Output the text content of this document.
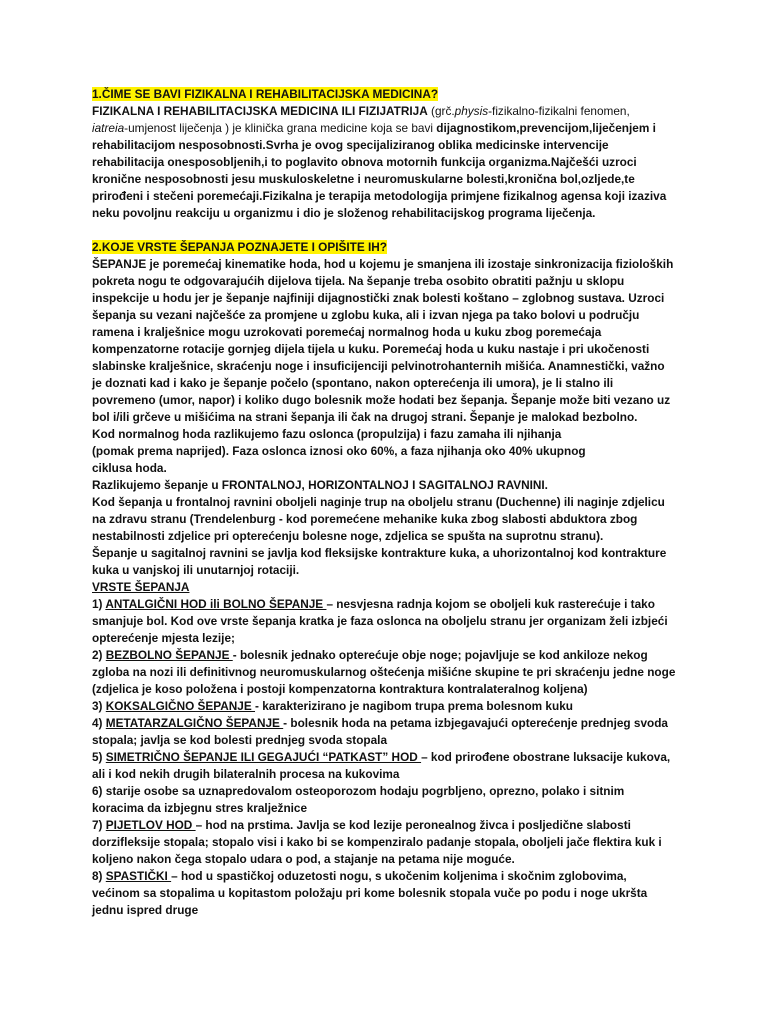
1.ČIME SE BAVI FIZIKALNA I REHABILITACIJSKA MEDICINA?

FIZIKALNA I REHABILITACIJSKA MEDICINA ILI FIZIJATRIJA (grč.physis-fizikalno-fizikalni fenomen,
iatreia-umjenost liječenja ) je klinička grana medicine koja se bavi dijagnostikom,prevencijom,liječenjem i rehabilitacijom nesposobnosti.Svrha je ovog specijaliziranog oblika medicinske intervencije rehabilitacija onesposobljenih,i to poglavito obnova motornih funkcija organizma.Najčešći uzroci kronične nesposobnosti jesu muskuloskeletne i neuromuskularne bolesti,kronična bol,ozljede,te prirođeni i stečeni poremećaji.Fizikalna je terapija metodologija primjene fizikalnog agensa koji izaziva neku povoljnu reakciju u organizmu i dio je složenog rehabilitacijskog programa liječenja.

2.KOJE VRSTE ŠEPANJA POZNAJETE I OPIŠITE IH?

ŠEPANJE je poremećaj kinematike hoda, hod u kojemu je smanjena ili izostaje sinkronizacija fizioloških pokreta nogu te odgovarajućih dijelova tijela. Na šepanje treba osobito obratiti pažnju u sklopu inspekcije u hodu jer je šepanje najfiniji dijagnostički znak bolesti koštano – zglobnog sustava. Uzroci šepanja su vezani najčešće za promjene u zglobu kuka, ali i izvan njega pa tako bolovi u području ramena i kralješnice mogu uzrokovati poremećaj normalnog hoda u kuku zbog poremećaja kompenzatorne rotacije gornjeg dijela tijela u kuku. Poremećaj hoda u kuku nastaje i pri ukočenosti slabinske kralješnice, skraćenju noge i insuficijenciji pelvinotrohanternih mišića. Anamnestički, važno je doznati kad i kako je šepanje počelo (spontano, nakon opterećenja ili umora), je li stalno ili povremeno (umor, napor) i koliko dugo bolesnik može hodati bez šepanja. Šepanje može biti vezano uz bol i/ili grčeve u mišićima na strani šepanja ili čak na drugoj strani. Šepanje je malokad bezbolno.

Kod normalnog hoda razlikujemo fazu oslonca (propulzija) i fazu zamaha ili njihanja

(pomak prema naprijed). Faza oslonca iznosi oko 60%, a faza njihanja oko 40% ukupnog

ciklusa hoda.

Razlikujemo šepanje u FRONTALNOJ, HORIZONTALNOJ I SAGITALNOJ RAVNINI.

Kod šepanja u frontalnoj ravnini oboljeli naginje trup na oboljelu stranu (Duchenne) ili naginje zdjelicu na zdravu stranu (Trendelenburg - kod poremećene mehanike kuka zbog slabosti abduktora zbog nestabilnosti zdjelice pri opterećenju bolesne noge, zdjelica se spušta na suprotnu stranu).

Šepanje u sagitalnoj ravnini se javlja kod fleksijske kontrakture kuka, a uhorizontalnoj kod kontrakture kuka u vanjskoj ili unutarnjoj rotaciji.

VRSTE ŠEPANJA

1) ANTALGIČNI HOD ili BOLNO ŠEPANJE – nesvjesna radnja kojom se oboljeli kuk rasterećuje i tako smanjuje bol. Kod ove vrste šepanja kratka je faza oslonca na oboljelu stranu jer organizam želi izbjeći opterećenje mjesta lezije;

2) BEZBOLNO ŠEPANJE - bolesnik jednako opterećuje obje noge; pojavljuje se kod ankiloze nekog zgloba na nozi ili definitivnog neuromuskularnog oštećenja mišićne skupine te pri skraćenju jedne noge (zdjelica je koso položena i postoji kompenzatorna kontraktura kontralateralnog koljena)

3) KOKSALGIČNO ŠEPANJE - karakterizirano je nagibom trupa prema bolesnom kuku

4) METATARZALGIČNO ŠEPANJE - bolesnik hoda na petama izbjegavajući opterećenje prednjeg svoda stopala; javlja se kod bolesti prednjeg svoda stopala

5) SIMETRIČNO ŠEPANJE ILI GEGAJUĆI “PATKAST” HOD – kod prirođene obostrane luksacije kukova, ali i kod nekih drugih bilateralnih procesa na kukovima

6) starije osobe sa uznapredovalom osteoporozom hodaju pogrbljeno, oprezno, polako i sitnim koracima da izbjegnu stres kralježnice

7) PIJETLOV HOD – hod na prstima. Javlja se kod lezije peronealnog živca i posljedične slabosti dorzifleksije stopala; stopalo visi i kako bi se kompenziralo padanje stopala, oboljeli jače flektira kuk i koljeno nakon čega stopalo udara o pod, a stajanje na petama nije moguće.

8) SPASTIČKI – hod u spastičkoj oduzetosti nogu, s ukočenim koljenima i skočnim zglobovima, većinom sa stopalima u kopitastom položaju pri kome bolesnik stopala vuče po podu i noge ukršta jednu ispred druge
